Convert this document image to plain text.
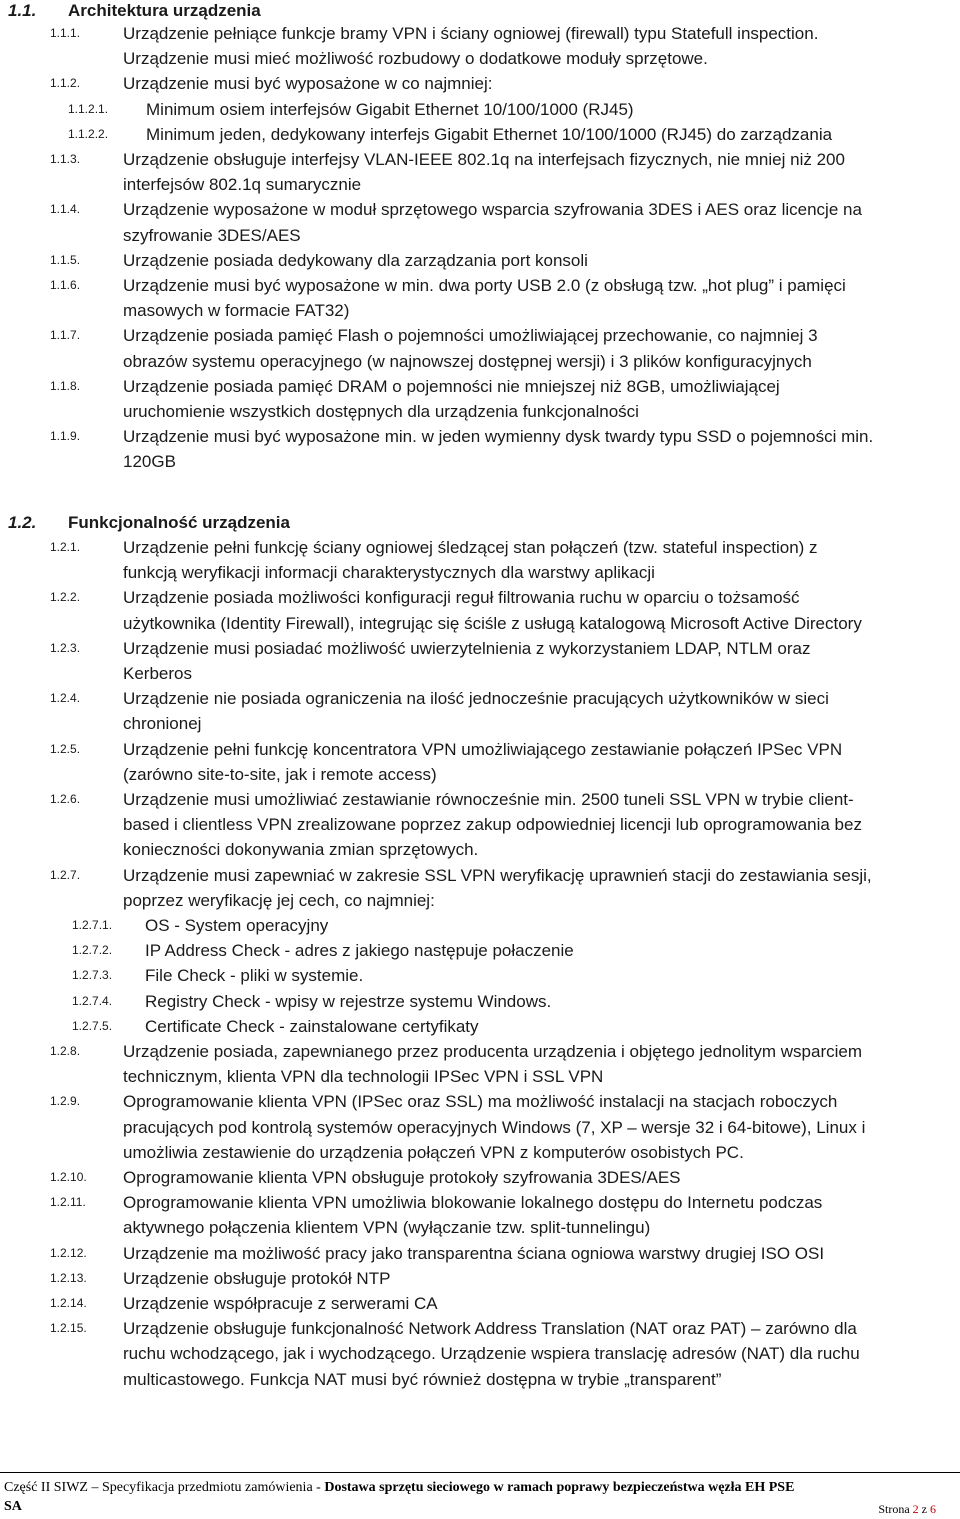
1.1. Architektura urządzenia
1.1.1.	Urządzenie pełniące funkcje bramy VPN i ściany ogniowej (firewall) typu Statefull inspection.
Urządzenie musi mieć możliwość rozbudowy o dodatkowe moduły sprzętowe.
1.1.2.	Urządzenie musi być wyposażone w co najmniej:
1.1.2.1. Minimum osiem interfejsów Gigabit Ethernet 10/100/1000 (RJ45)
1.1.2.2. Minimum jeden, dedykowany interfejs Gigabit Ethernet 10/100/1000 (RJ45) do zarządzania
1.1.3.	Urządzenie obsługuje interfejsy VLAN-IEEE 802.1q na interfejsach fizycznych, nie mniej niż 200
interfejsów 802.1q sumarycznie
1.1.4.	Urządzenie wyposażone w moduł sprzętowego wsparcia szyfrowania 3DES i AES oraz licencje na
szyfrowanie 3DES/AES
1.1.5.	Urządzenie posiada dedykowany dla zarządzania port konsoli
1.1.6.	Urządzenie musi być wyposażone w min. dwa porty USB 2.0 (z obsługą tzw. „hot plug” i pamięci
masowych w formacie FAT32)
1.1.7.	Urządzenie posiada pamięć Flash o pojemności umożliwiającej przechowanie, co najmniej 3
obrazów systemu operacyjnego (w najnowszej dostępnej wersji) i 3 plików konfiguracyjnych
1.1.8.	Urządzenie posiada pamięć DRAM o pojemności nie mniejszej niż 8GB, umożliwiającej
uruchomienie wszystkich dostępnych dla urządzenia funkcjonalności
1.1.9.	Urządzenie musi być wyposażone min. w jeden wymienny dysk twardy typu SSD o pojemności min.
120GB
1.2. Funkcjonalność urządzenia
1.2.1.	Urządzenie pełni funkcję ściany ogniowej śledzącej stan połączeń (tzw. stateful inspection) z
funkcją weryfikacji informacji charakterystycznych dla warstwy aplikacji
1.2.2.	Urządzenie posiada możliwości konfiguracji reguł filtrowania ruchu w oparciu o tożsamość
użytkownika (Identity Firewall), integrując się ściśle z usługą katalogową Microsoft Active Directory
1.2.3.	Urządzenie musi posiadać możliwość uwierzytelnienia z wykorzystaniem LDAP, NTLM oraz
Kerberos
1.2.4.	Urządzenie nie posiada ograniczenia na ilość jednocześnie pracujących użytkowników w sieci
chronionej
1.2.5.	Urządzenie pełni funkcję koncentratora VPN umożliwiającego zestawianie połączeń IPSec VPN
(zarówno site-to-site, jak i remote access)
1.2.6.	Urządzenie musi umożliwiać zestawianie równocześnie min. 2500 tuneli SSL VPN w trybie client-
based i clientless VPN zrealizowane poprzez zakup odpowiedniej licencji lub oprogramowania bez
konieczności dokonywania zmian sprzętowych.
1.2.7.	Urządzenie musi zapewniać w zakresie SSL VPN weryfikację uprawnień stacji do zestawiania sesji,
poprzez weryfikację jej cech, co najmniej:
1.2.7.1. OS - System operacyjny
1.2.7.2. IP Address Check - adres z jakiego następuje połaczenie
1.2.7.3. File Check - pliki w systemie.
1.2.7.4. Registry Check - wpisy w rejestrze systemu Windows.
1.2.7.5. Certificate Check - zainstalowane certyfikaty
1.2.8.	Urządzenie posiada, zapewnianego przez producenta urządzenia i objętego jednolitym wsparciem
technicznym, klienta VPN dla technologii IPSec VPN i SSL VPN
1.2.9.	Oprogramowanie klienta VPN (IPSec oraz SSL) ma możliwość instalacji na stacjach roboczych
pracujących pod kontrolą systemów operacyjnych Windows (7, XP – wersje 32 i 64-bitowe), Linux i
umożliwia zestawienie do urządzenia połączeń VPN z komputerów osobistych PC.
1.2.10. Oprogramowanie klienta VPN obsługuje protokoły szyfrowania 3DES/AES
1.2.11. Oprogramowanie klienta VPN umożliwia blokowanie lokalnego dostępu do Internetu podczas
aktywnego połączenia klientem VPN (wyłączanie tzw. split-tunnelingu)
1.2.12. Urządzenie ma możliwość pracy jako transparentna ściana ogniowa warstwy drugiej ISO OSI
1.2.13. Urządzenie obsługuje protokół NTP
1.2.14. Urządzenie współpracuje z serwerami CA
1.2.15. Urządzenie obsługuje funkcjonalność Network Address Translation (NAT oraz PAT) – zarówno dla
ruchu wchodzącego, jak i wychodzącego. Urządzenie wspiera translację adresów (NAT) dla ruchu
multicastowego. Funkcja NAT musi być również dostępna w trybie „transparent”
Część II SIWZ – Specyfikacja przedmiotu zamówienia - Dostawa sprzętu sieciowego w ramach poprawy bezpieczeństwa węzła EH PSE
SA	Strona 2 z 6
